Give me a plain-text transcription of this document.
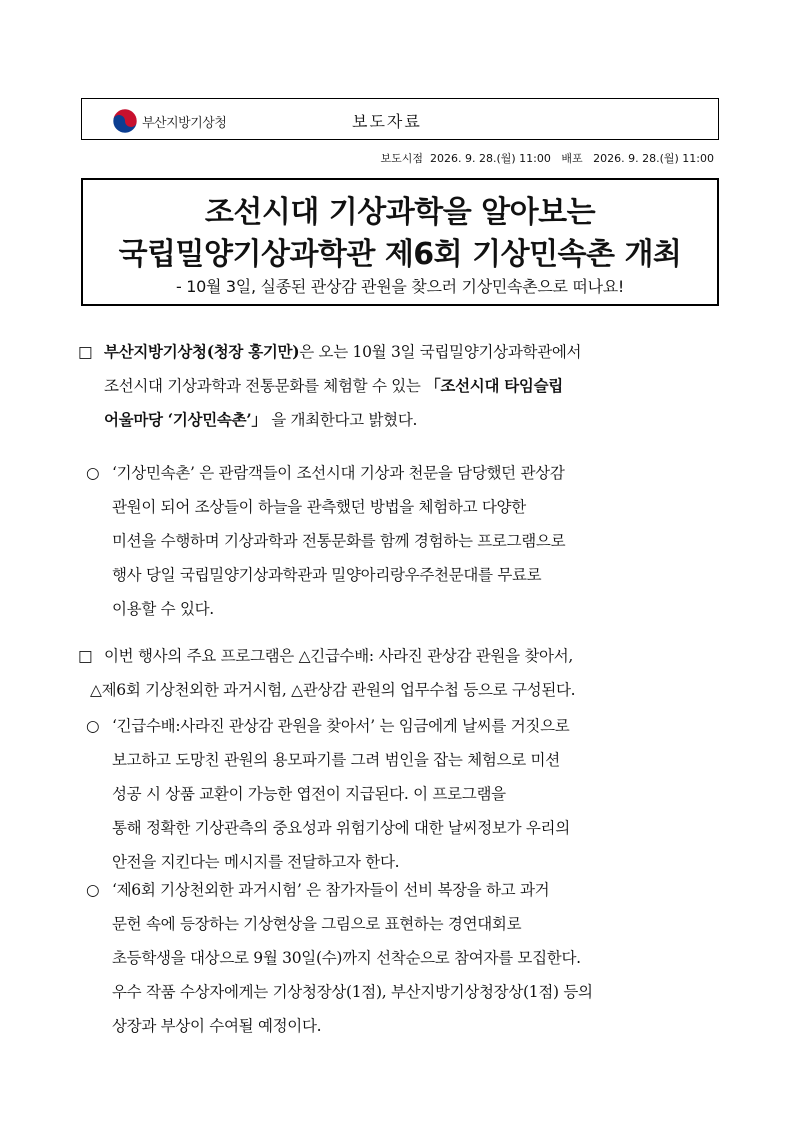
부산지방기상청	보도자료
보도시점  2026. 9. 28.(월) 11:00   배포   2026. 9. 28.(월) 11:00
조선시대 기상과학을 알아보는
국립밀양기상과학관 제6회 기상민속촌 개최
- 10월 3일, 실종된 관상감 관원을 찾으러 기상민속촌으로 떠나요!
□ 부산지방기상청(청장 홍기만)은 오는 10월 3일 국립밀양기상과학관에서
조선시대 기상과학과 전통문화를 체험할 수 있는 「조선시대 타임슬립
어울마당 ‘기상민속촌’」 을 개최한다고 밝혔다.
○ ‘기상민속촌’ 은 관람객들이 조선시대 기상과 천문을 담당했던 관상감
관원이 되어 조상들이 하늘을 관측했던 방법을 체험하고 다양한
미션을 수행하며 기상과학과 전통문화를 함께 경험하는 프로그램으로
행사 당일 국립밀양기상과학관과 밀양아리랑우주천문대를 무료로
이용할 수 있다.
□ 이번 행사의 주요 프로그램은 △긴급수배: 사라진 관상감 관원을 찾아서,
△제6회 기상천외한 과거시험, △관상감 관원의 업무수첩 등으로 구성된다.
○ ‘긴급수배:사라진 관상감 관원을 찾아서’ 는 임금에게 날씨를 거짓으로
보고하고 도망친 관원의 용모파기를 그려 범인을 잡는 체험으로 미션
성공 시 상품 교환이 가능한 엽전이 지급된다. 이 프로그램을
통해 정확한 기상관측의 중요성과 위험기상에 대한 날씨정보가 우리의
안전을 지킨다는 메시지를 전달하고자 한다.
○ ‘제6회 기상천외한 과거시험’ 은 참가자들이 선비 복장을 하고 과거
문헌 속에 등장하는 기상현상을 그림으로 표현하는 경연대회로
초등학생을 대상으로 9월 30일(수)까지 선착순으로 참여자를 모집한다.
우수 작품 수상자에게는 기상청장상(1점), 부산지방기상청장상(1점) 등의
상장과 부상이 수여될 예정이다.
